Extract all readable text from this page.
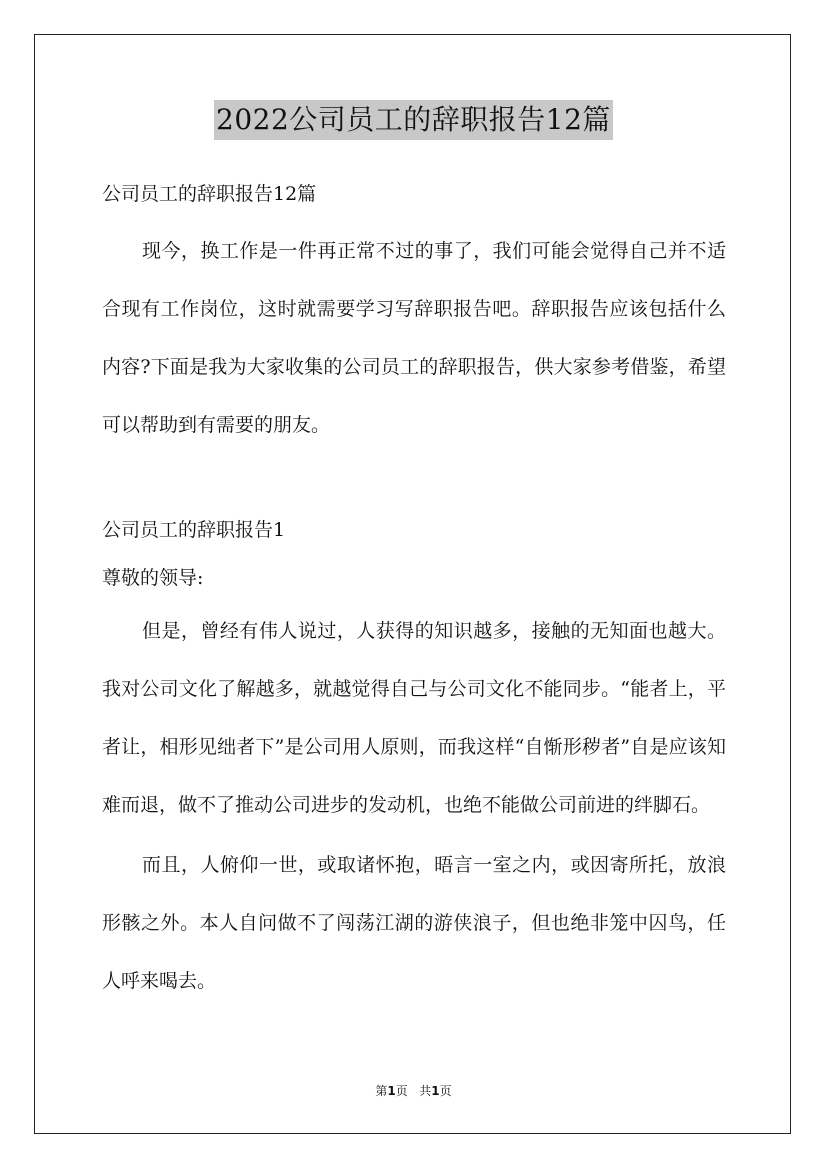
2022公司员工的辞职报告12篇

公司员工的辞职报告12篇

现今，换工作是一件再正常不过的事了，我们可能会觉得自己并不适合现有工作岗位，这时就需要学习写辞职报告吧。辞职报告应该包括什么内容?下面是我为大家收集的公司员工的辞职报告，供大家参考借鉴，希望可以帮助到有需要的朋友。

公司员工的辞职报告1

尊敬的领导:

但是，曾经有伟人说过，人获得的知识越多，接触的无知面也越大。我对公司文化了解越多，就越觉得自己与公司文化不能同步。“能者上，平者让，相形见绌者下”是公司用人原则，而我这样“自惭形秽者”自是应该知难而退，做不了推动公司进步的发动机，也绝不能做公司前进的绊脚石。

而且，人俯仰一世，或取诸怀抱，晤言一室之内，或因寄所托，放浪形骸之外。本人自问做不了闯荡江湖的游侠浪子，但也绝非笼中囚鸟，任人呼来喝去。

第1页 共1页
